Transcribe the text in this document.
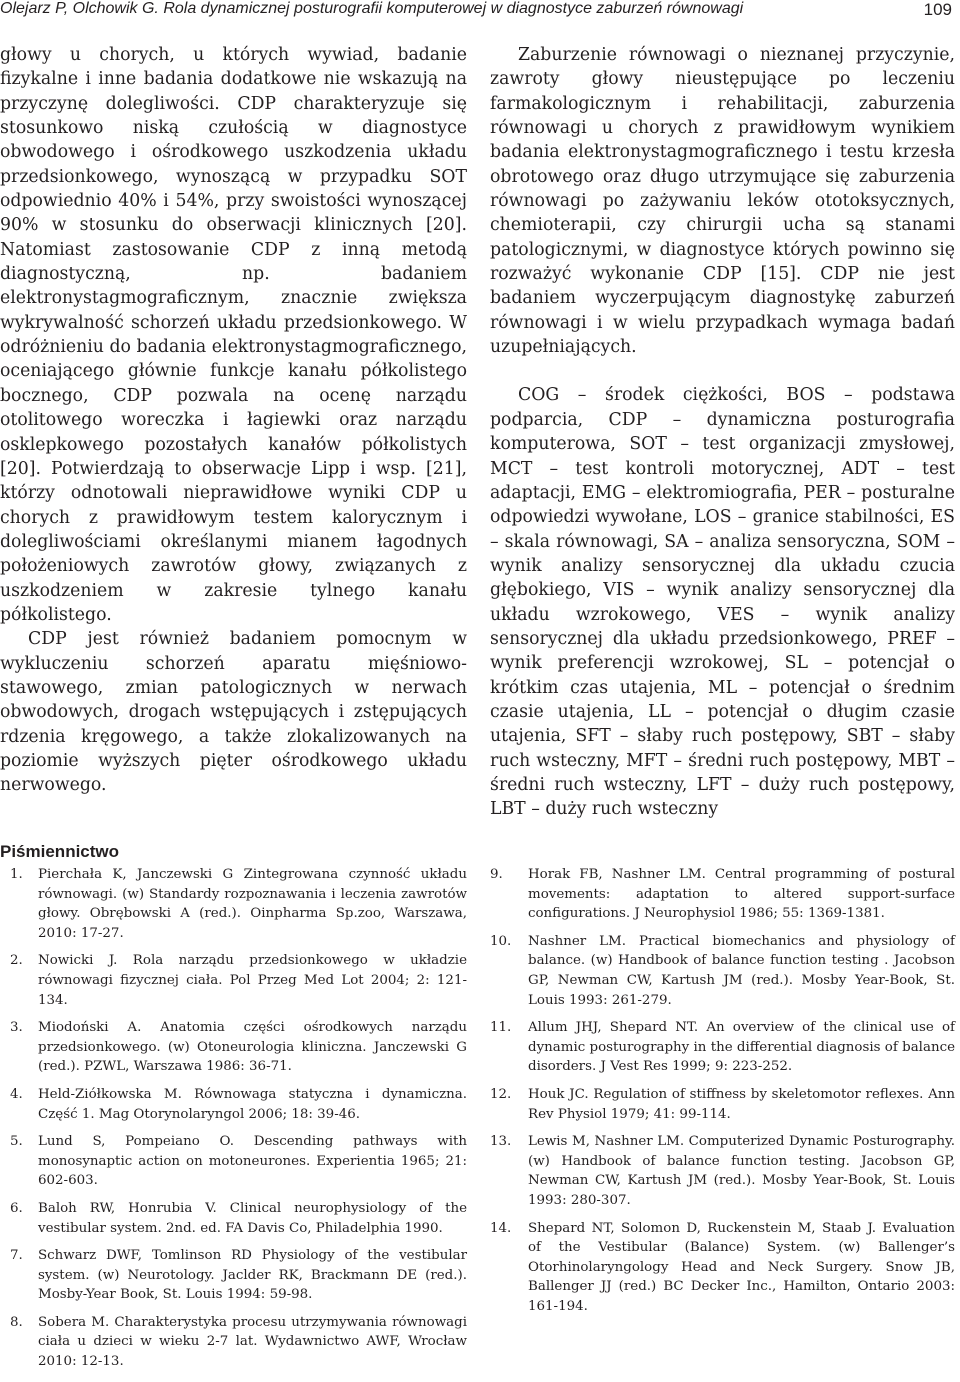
Olejarz P, Olchowik G. Rola dynamicznej posturografii komputerowej w diagnostyce zaburzeń równowagi	109

głowy u chorych, u których wywiad, badanie fizykalne i inne badania dodatkowe nie wskazują na przyczynę dolegliwości. CDP charakteryzuje się stosunkowo niską czułością w diagnostyce obwodowego i ośrodkowego uszkodzenia układu przedsionkowego, wynoszącą w przypadku SOT odpowiednio 40% i 54%, przy swoistości wynoszącej 90% w stosunku do obserwacji klinicznych [20]. Natomiast zastosowanie CDP z inną metodą diagnostyczną, np. badaniem elektronystagmograficznym, znacznie zwiększa wykrywalność schorzeń układu przedsionkowego. W odróżnieniu do badania elektronystagmograficznego, oceniającego głównie funkcje kanału półkolistego bocznego, CDP pozwala na ocenę narządu otolitowego woreczka i łagiewki oraz narządu osklepkowego pozostałych kanałów półkolistych [20]. Potwierdzają to obserwacje Lipp i wsp. [21], którzy odnotowali nieprawidłowe wyniki CDP u chorych z prawidłowym testem kalorycznym i dolegliwościami określanymi mianem łagodnych położeniowych zawrotów głowy, związanych z uszkodzeniem w zakresie tylnego kanału półkolistego.

CDP jest również badaniem pomocnym w wykluczeniu schorzeń aparatu mięśniowo-stawowego, zmian patologicznych w nerwach obwodowych, drogach wstępujących i zstępujących rdzenia kręgowego, a także zlokalizowanych na poziomie wyższych pięter ośrodkowego układu nerwowego.

Zaburzenie równowagi o nieznanej przyczynie, zawroty głowy nieustępujące po leczeniu farmakologicznym i rehabilitacji, zaburzenia równowagi u chorych z prawidłowym wynikiem badania elektronystagmograficznego i testu krzesła obrotowego oraz długo utrzymujące się zaburzenia równowagi po zażywaniu leków ototoksycznych, chemioterapii, czy chirurgii ucha są stanami patologicznymi, w diagnostyce których powinno się rozważyć wykonanie CDP [15]. CDP nie jest badaniem wyczerpującym diagnostykę zaburzeń równowagi i w wielu przypadkach wymaga badań uzupełniających.

COG – środek ciężkości, BOS – podstawa podparcia, CDP – dynamiczna posturografia komputerowa, SOT – test organizacji zmysłowej, MCT – test kontroli motorycznej, ADT – test adaptacji, EMG – elektromiografia, PER – posturalne odpowiedzi wywołane, LOS – granice stabilności, ES – skala równowagi, SA – analiza sensoryczna, SOM – wynik analizy sensorycznej dla układu czucia głębokiego, VIS – wynik analizy sensorycznej dla układu wzrokowego, VES – wynik analizy sensorycznej dla układu przedsionkowego, PREF – wynik preferencji wzrokowej, SL – potencjał o krótkim czas utajenia, ML – potencjał o średnim czasie utajenia, LL – potencjał o długim czasie utajenia, SFT – słaby ruch postępowy, SBT – słaby ruch wsteczny, MFT – średni ruch postępowy, MBT – średni ruch wsteczny, LFT – duży ruch postępowy, LBT – duży ruch wsteczny

Piśmiennictwo
1. Pierchała K, Janczewski G Zintegrowana czynność układu równowagi. (w) Standardy rozpoznawania i leczenia zawrotów głowy. Obrębowski A (red.). Oinpharma Sp.zoo, Warszawa, 2010: 17-27.
2. Nowicki J. Rola narządu przedsionkowego w układzie równowagi fizycznej ciała. Pol Przeg Med Lot 2004; 2: 121-134.
3. Miodoński A. Anatomia części ośrodkowych narządu przedsionkowego. (w) Otoneurologia kliniczna. Janczewski G (red.). PZWL, Warszawa 1986: 36-71.
4. Held-Ziółkowska M. Równowaga statyczna i dynamiczna. Część 1. Mag Otorynolaryngol 2006; 18: 39-46.
5. Lund S, Pompeiano O. Descending pathways with monosynaptic action on motoneurones. Experientia 1965; 21: 602-603.
6. Baloh RW, Honrubia V. Clinical neurophysiology of the vestibular system. 2nd. ed. FA Davis Co, Philadelphia 1990.
7. Schwarz DWF, Tomlinson RD Physiology of the vestibular system. (w) Neurotology. Jaclder RK, Brackmann DE (red.). Mosby-Year Book, St. Louis 1994: 59-98.
8. Sobera M. Charakterystyka procesu utrzymywania równowagi ciała u dzieci w wieku 2-7 lat. Wydawnictwo AWF, Wrocław 2010: 12-13.
9. Horak FB, Nashner LM. Central programming of postural movements: adaptation to altered support-surface configurations. J Neurophysiol 1986; 55: 1369-1381.
10. Nashner LM. Practical biomechanics and physiology of balance. (w) Handbook of balance function testing . Jacobson GP, Newman CW, Kartush JM (red.). Mosby Year-Book, St. Louis 1993: 261-279.
11. Allum JHJ, Shepard NT. An overview of the clinical use of dynamic posturography in the differential diagnosis of balance disorders. J Vest Res 1999; 9: 223-252.
12. Houk JC. Regulation of stiffness by skeletomotor reflexes. Ann Rev Physiol 1979; 41: 99-114.
13. Lewis M, Nashner LM. Computerized Dynamic Posturography. (w) Handbook of balance function testing. Jacobson GP, Newman CW, Kartush JM (red.). Mosby Year-Book, St. Louis 1993: 280-307.
14. Shepard NT, Solomon D, Ruckenstein M, Staab J. Evaluation of the Vestibular (Balance) System. (w) Ballenger’s Otorhinolaryngology Head and Neck Surgery. Snow JB, Ballenger JJ (red.) BC Decker Inc., Hamilton, Ontario 2003: 161-194.
